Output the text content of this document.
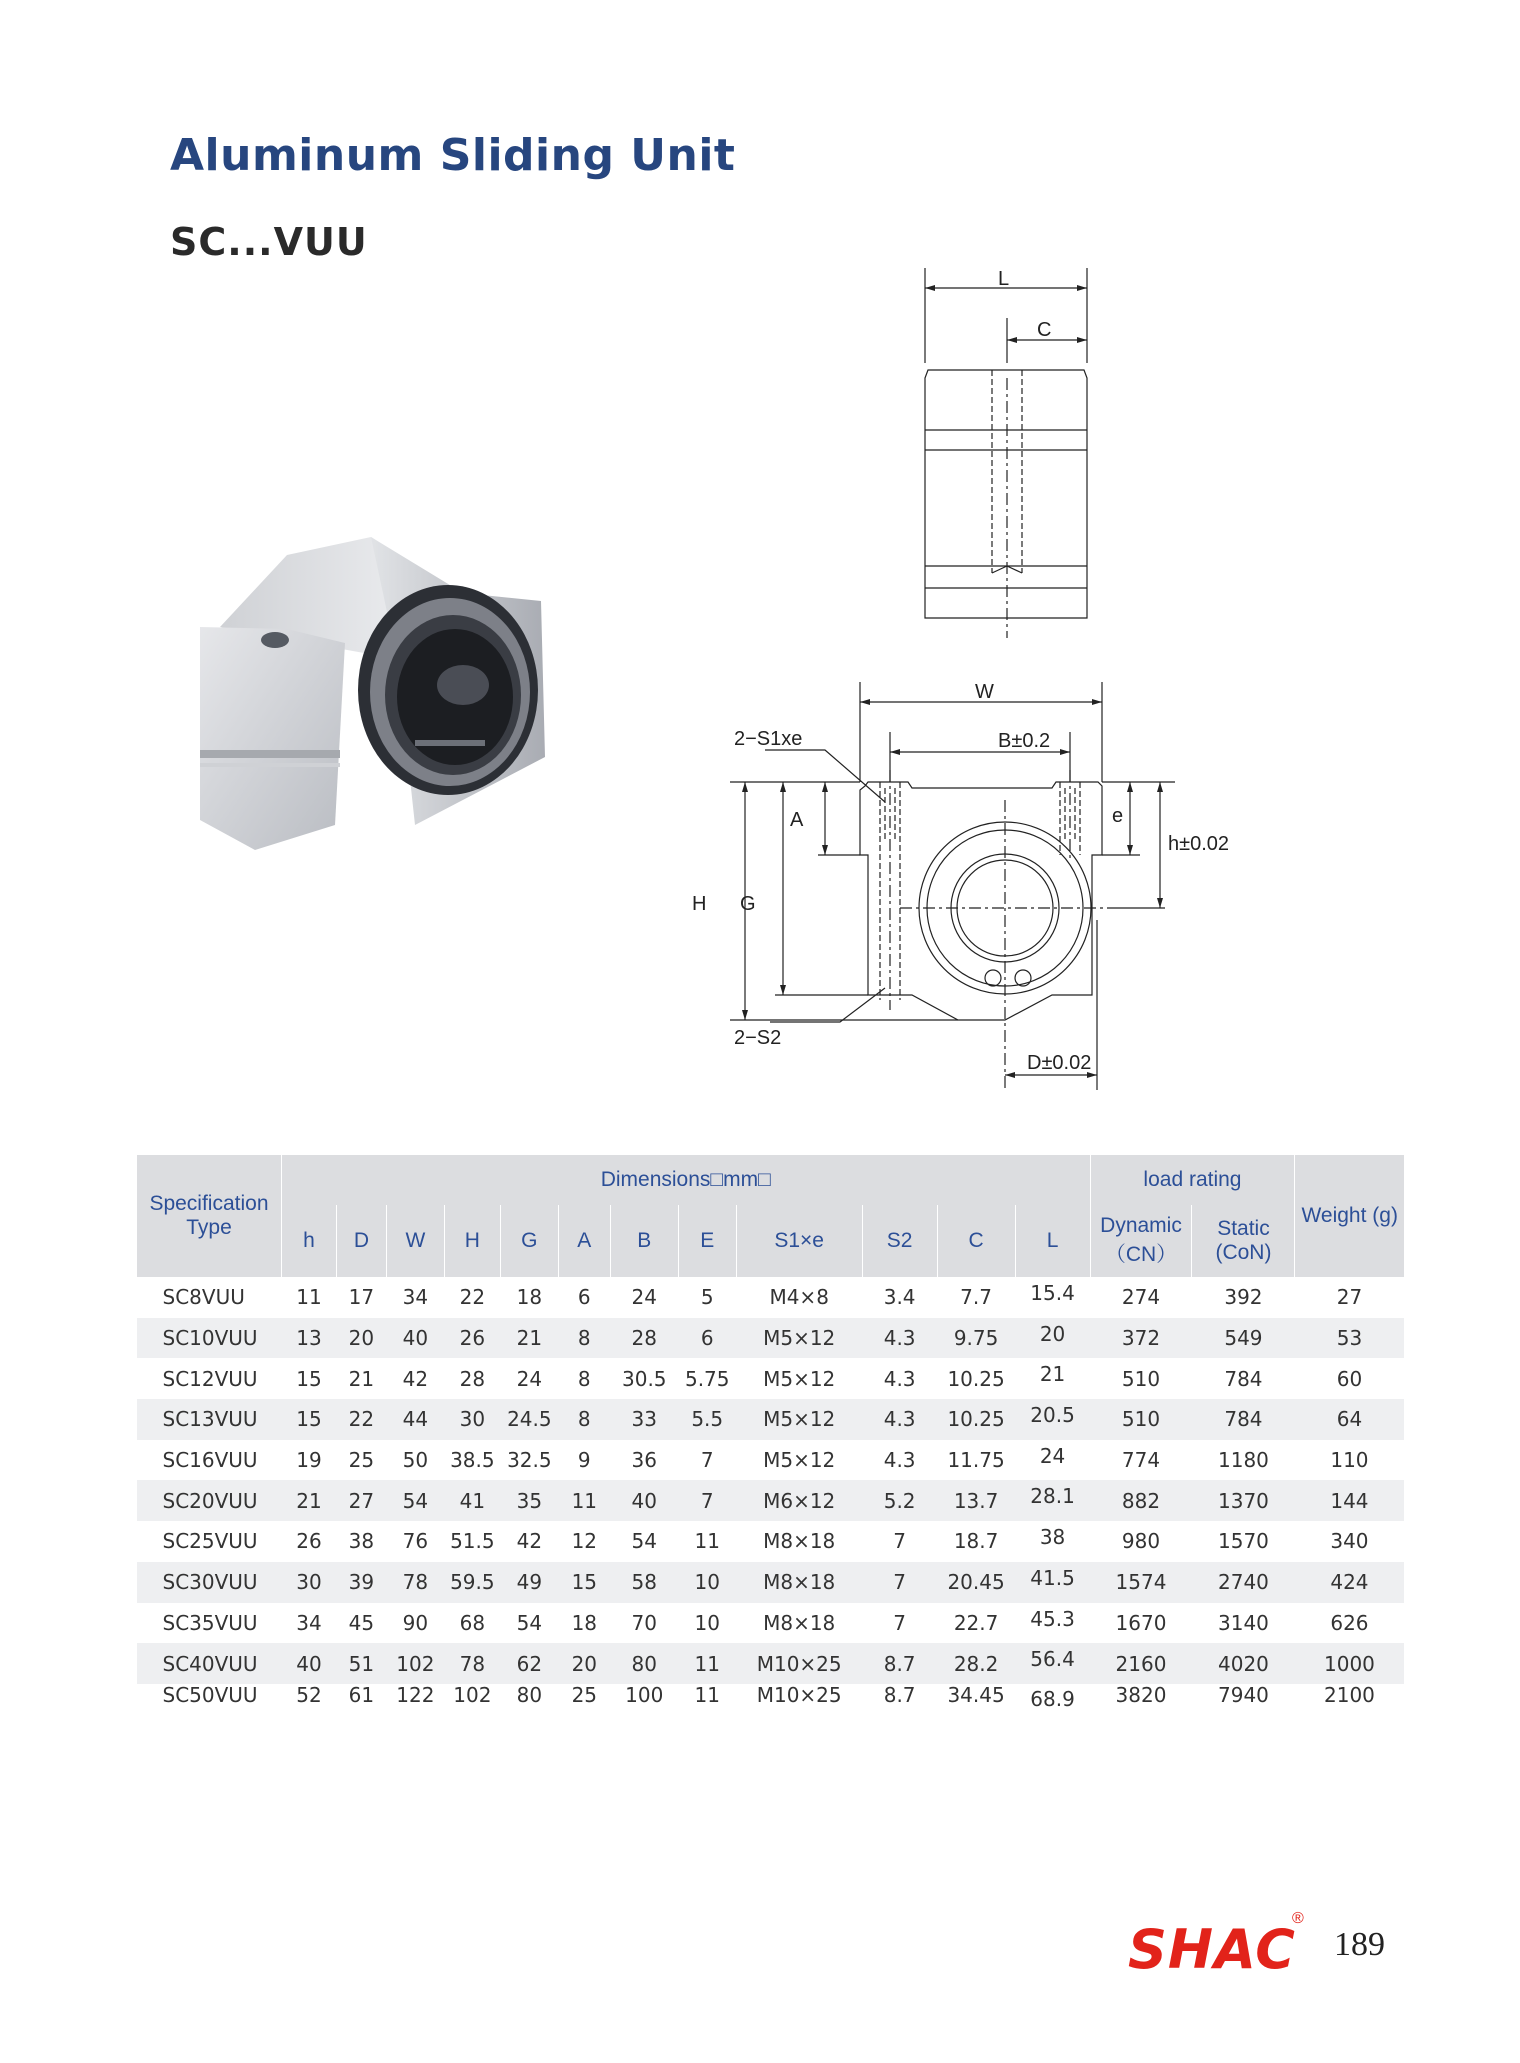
Aluminum Sliding Unit
SC...VUU
L
C
W
B±0.2
2−S1xe
2−S2
A	e
h±0.02
H G
D±0.02
Specification Type	Dimensions□mm□												load rating		Weight (g)
	h	D	W	H	G	A	B	E	S1×e	S2	C	L	Dynamic （CN）	Static (CoN)	
SC8VUU	11	17	34	22	18	6	24	5	M4×8	3.4	7.7	15.4	274	392	27
SC10VUU	13	20	40	26	21	8	28	6	M5×12	4.3	9.75	20	372	549	53
SC12VUU	15	21	42	28	24	8	30.5	5.75	M5×12	4.3	10.25	21	510	784	60
SC13VUU	15	22	44	30	24.5	8	33	5.5	M5×12	4.3	10.25	20.5	510	784	64
SC16VUU	19	25	50	38.5	32.5	9	36	7	M5×12	4.3	11.75	24	774	1180	110
SC20VUU	21	27	54	41	35	11	40	7	M6×12	5.2	13.7	28.1	882	1370	144
SC25VUU	26	38	76	51.5	42	12	54	11	M8×18	7	18.7	38	980	1570	340
SC30VUU	30	39	78	59.5	49	15	58	10	M8×18	7	20.45	41.5	1574	2740	424
SC35VUU	34	45	90	68	54	18	70	10	M8×18	7	22.7	45.3	1670	3140	626
SC40VUU	40	51	102	78	62	20	80	11	M10×25	8.7	28.2	56.4	2160	4020	1000
SC50VUU	52	61	122	102	80	25	100	11	M10×25	8.7	34.45	68.9	3820	7940	2100
SHAC
®
189
